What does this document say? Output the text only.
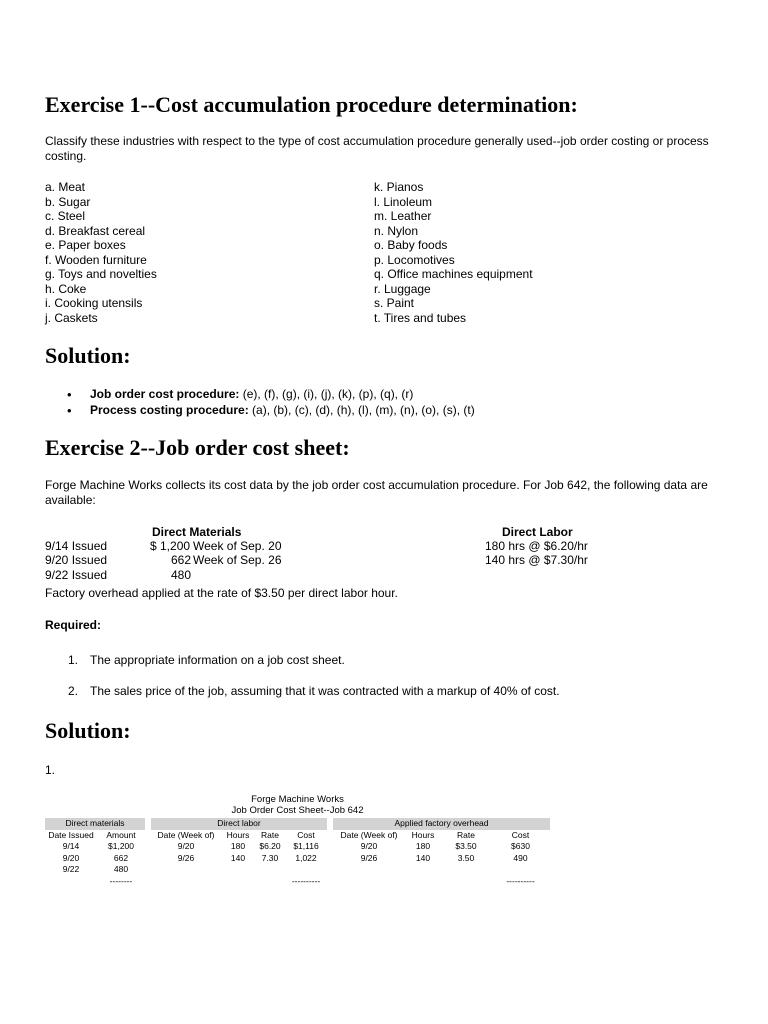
Exercise 1--Cost accumulation procedure determination:
Classify these industries with respect to the type of cost accumulation procedure generally used--job order costing or process costing.
a. Meat
b. Sugar
c. Steel
d. Breakfast cereal
e. Paper boxes
f. Wooden furniture
g. Toys and novelties
h. Coke
i. Cooking utensils
j. Caskets
k. Pianos
l. Linoleum
m. Leather
n. Nylon
o. Baby foods
p. Locomotives
q. Office machines equipment
r. Luggage
s. Paint
t. Tires and tubes
Solution:
• Job order cost procedure: (e), (f), (g), (i), (j), (k), (p), (q), (r)
• Process costing procedure: (a), (b), (c), (d), (h), (l), (m), (n), (o), (s), (t)
Exercise 2--Job order cost sheet:
Forge Machine Works collects its cost data by the job order cost accumulation procedure. For Job 642, the following data are available:
Direct Materials	Direct Labor
9/14 Issued	$ 1,200 Week of Sep. 20	180 hrs @ $6.20/hr
9/20 Issued	662 Week of Sep. 26	140 hrs @ $7.30/hr
9/22 Issued	480
Factory overhead applied at the rate of $3.50 per direct labor hour.
Required:
1. The appropriate information on a job cost sheet.
2. The sales price of the job, assuming that it was contracted with a markup of 40% of cost.
Solution:
1.
Forge Machine Works
Job Order Cost Sheet--Job 642
Direct materials			Direct labor					Applied factory overhead			
Date Issued	Amount		Date (Week of)	Hours	Rate	Cost		Date (Week of)	Hours	Rate	Cost
9/14	$1,200		9/20	180	$6.20	$1,116		9/20	180	$3.50	$630
9/20	662		9/26	140	7.30	1,022		9/26	140	3.50	490
9/22	480										
	--------					----------					----------
